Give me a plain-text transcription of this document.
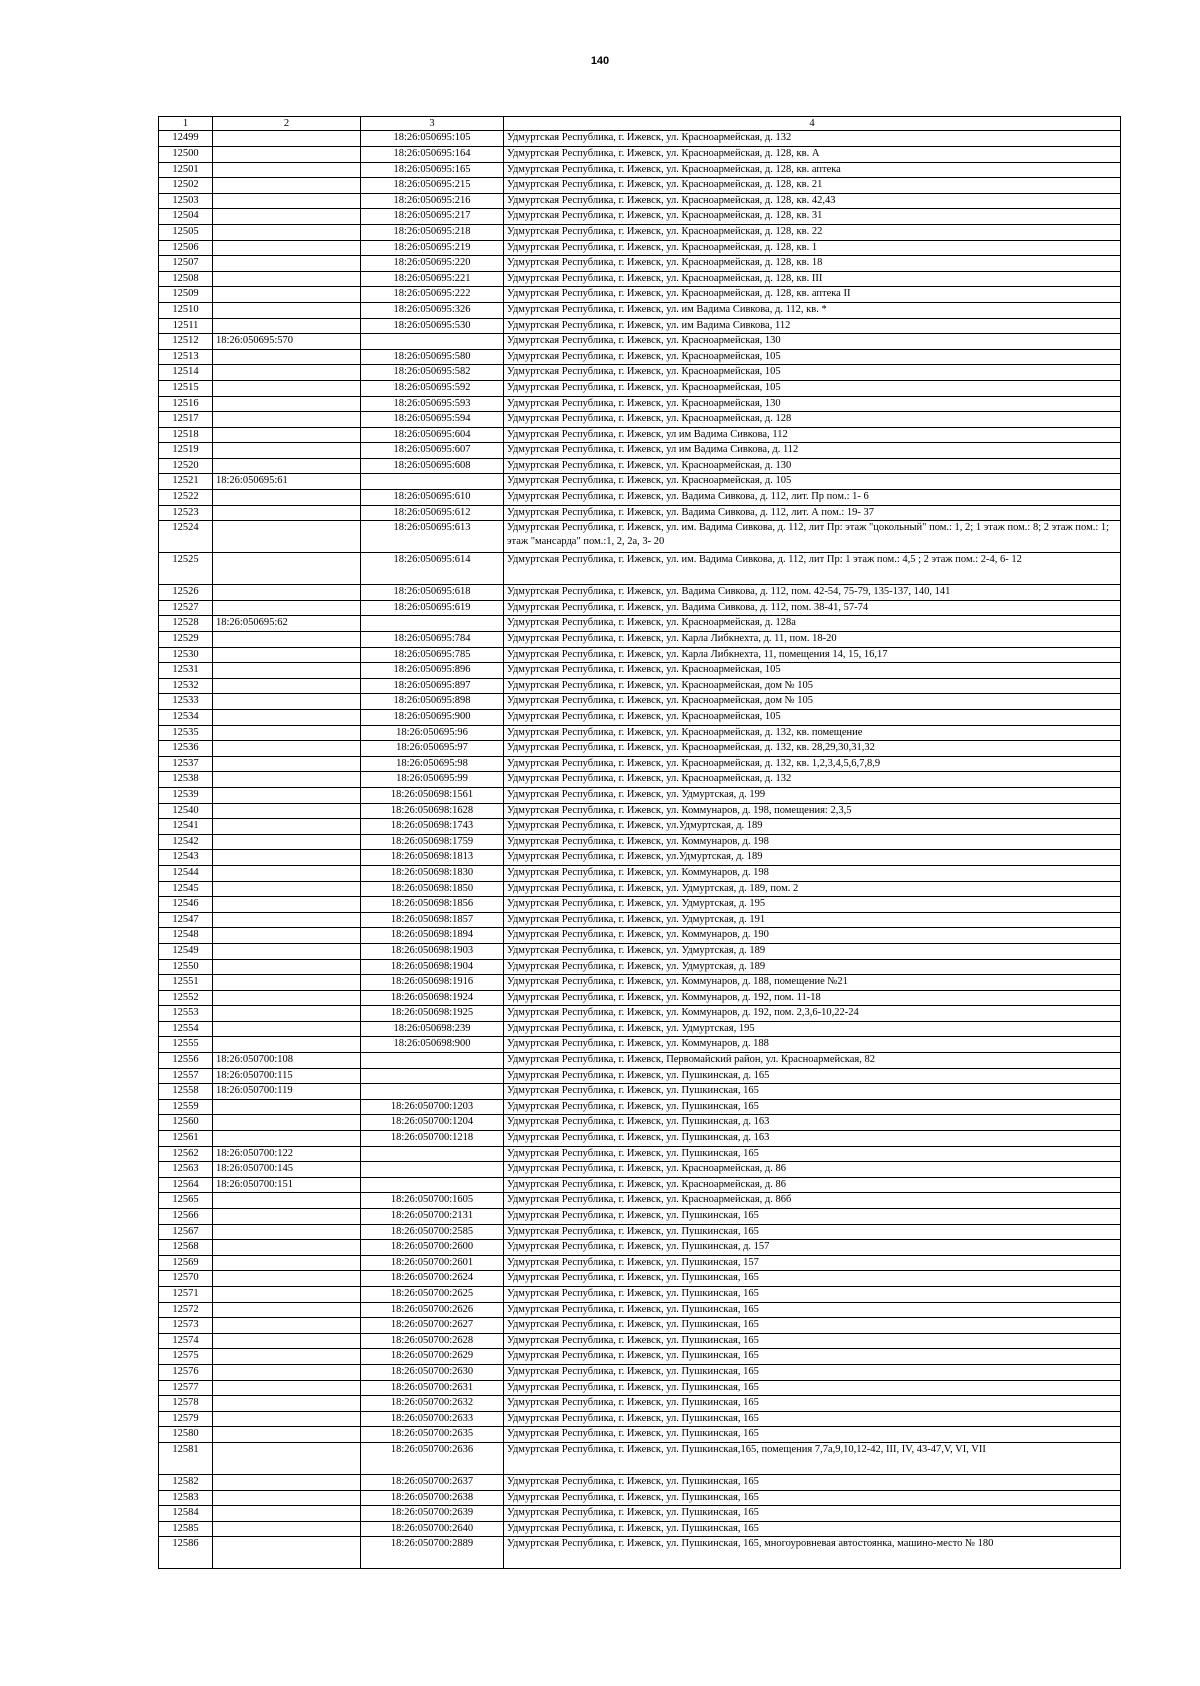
140
1	2	3	4
12499		18:26:050695:105	Удмуртская Республика, г. Ижевск, ул. Красноармейская, д. 132
12500		18:26:050695:164	Удмуртская Республика, г. Ижевск, ул. Красноармейская, д. 128, кв. А
12501		18:26:050695:165	Удмуртская Республика, г. Ижевск, ул. Красноармейская, д. 128, кв. аптека
12502		18:26:050695:215	Удмуртская Республика, г. Ижевск, ул. Красноармейская, д. 128, кв. 21
12503		18:26:050695:216	Удмуртская Республика, г. Ижевск, ул. Красноармейская, д. 128, кв. 42,43
12504		18:26:050695:217	Удмуртская Республика, г. Ижевск, ул. Красноармейская, д. 128, кв. 31
12505		18:26:050695:218	Удмуртская Республика, г. Ижевск, ул. Красноармейская, д. 128, кв. 22
12506		18:26:050695:219	Удмуртская Республика, г. Ижевск, ул. Красноармейская, д. 128, кв. 1
12507		18:26:050695:220	Удмуртская Республика, г. Ижевск, ул. Красноармейская, д. 128, кв. 18
12508		18:26:050695:221	Удмуртская Республика, г. Ижевск, ул. Красноармейская, д. 128, кв. III
12509		18:26:050695:222	Удмуртская Республика, г. Ижевск, ул. Красноармейская, д. 128, кв. аптека II
12510		18:26:050695:326	Удмуртская Республика, г. Ижевск, ул. им Вадима Сивкова, д. 112, кв. *
12511		18:26:050695:530	Удмуртская Республика, г. Ижевск, ул. им Вадима Сивкова, 112
12512	18:26:050695:570		Удмуртская Республика, г. Ижевск, ул. Красноармейская, 130
12513		18:26:050695:580	Удмуртская Республика, г. Ижевск, ул. Красноармейская, 105
12514		18:26:050695:582	Удмуртская Республика, г. Ижевск, ул. Красноармейская, 105
12515		18:26:050695:592	Удмуртская Республика, г. Ижевск, ул. Красноармейская, 105
12516		18:26:050695:593	Удмуртская Республика, г. Ижевск, ул. Красноармейская, 130
12517		18:26:050695:594	Удмуртская Республика, г. Ижевск, ул. Красноармейская, д. 128
12518		18:26:050695:604	Удмуртская Республика, г. Ижевск, ул им Вадима Сивкова, 112
12519		18:26:050695:607	Удмуртская Республика, г. Ижевск, ул им Вадима Сивкова, д. 112
12520		18:26:050695:608	Удмуртская Республика, г. Ижевск, ул. Красноармейская, д. 130
12521	18:26:050695:61		Удмуртская Республика, г. Ижевск, ул. Красноармейская, д. 105
12522		18:26:050695:610	Удмуртская Республика, г. Ижевск, ул. Вадима Сивкова, д. 112, лит. Пр пом.: 1- 6
12523		18:26:050695:612	Удмуртская Республика, г. Ижевск, ул. Вадима Сивкова, д. 112, лит. А пом.: 19- 37
12524		18:26:050695:613	Удмуртская Республика, г. Ижевск, ул. им. Вадима Сивкова, д. 112, лит Пр: этаж "цокольный" пом.: 1, 2; 1 этаж пом.: 8; 2 этаж пом.: 1; этаж "мансарда" пом.:1, 2, 2а, 3- 20
12525		18:26:050695:614	Удмуртская Республика, г. Ижевск, ул. им. Вадима Сивкова, д. 112, лит Пр: 1 этаж пом.: 4,5 ; 2 этаж пом.: 2-4, 6- 12
12526		18:26:050695:618	Удмуртская Республика, г. Ижевск, ул. Вадима Сивкова, д. 112, пом. 42-54, 75-79, 135-137, 140, 141
12527		18:26:050695:619	Удмуртская Республика, г. Ижевск, ул. Вадима Сивкова, д. 112, пом. 38-41, 57-74
12528	18:26:050695:62		Удмуртская Республика, г. Ижевск, ул. Красноармейская, д. 128а
12529		18:26:050695:784	Удмуртская Республика, г. Ижевск, ул. Карла Либкнехта, д. 11, пом. 18-20
12530		18:26:050695:785	Удмуртская Республика, г. Ижевск, ул. Карла Либкнехта, 11, помещения 14, 15, 16,17
12531		18:26:050695:896	Удмуртская Республика, г. Ижевск, ул. Красноармейская, 105
12532		18:26:050695:897	Удмуртская Республика, г. Ижевск, ул. Красноармейская, дом № 105
12533		18:26:050695:898	Удмуртская Республика, г. Ижевск, ул. Красноармейская, дом № 105
12534		18:26:050695:900	Удмуртская Республика, г. Ижевск, ул. Красноармейская, 105
12535		18:26:050695:96	Удмуртская Республика, г. Ижевск, ул. Красноармейская, д. 132, кв. помещение
12536		18:26:050695:97	Удмуртская Республика, г. Ижевск, ул. Красноармейская, д. 132, кв. 28,29,30,31,32
12537		18:26:050695:98	Удмуртская Республика, г. Ижевск, ул. Красноармейская, д. 132, кв. 1,2,3,4,5,6,7,8,9
12538		18:26:050695:99	Удмуртская Республика, г. Ижевск, ул. Красноармейская, д. 132
12539		18:26:050698:1561	Удмуртская Республика, г. Ижевск, ул. Удмуртская, д. 199
12540		18:26:050698:1628	Удмуртская Республика, г. Ижевск, ул. Коммунаров, д. 198, помещения: 2,3,5
12541		18:26:050698:1743	Удмуртская Республика, г. Ижевск, ул.Удмуртская, д. 189
12542		18:26:050698:1759	Удмуртская Республика, г. Ижевск, ул. Коммунаров, д. 198
12543		18:26:050698:1813	Удмуртская Республика, г. Ижевск, ул.Удмуртская, д. 189
12544		18:26:050698:1830	Удмуртская Республика, г. Ижевск, ул. Коммунаров, д. 198
12545		18:26:050698:1850	Удмуртская Республика, г. Ижевск, ул. Удмуртская, д. 189, пом. 2
12546		18:26:050698:1856	Удмуртская Республика, г. Ижевск, ул. Удмуртская, д. 195
12547		18:26:050698:1857	Удмуртская Республика, г. Ижевск, ул. Удмуртская, д. 191
12548		18:26:050698:1894	Удмуртская Республика, г. Ижевск, ул. Коммунаров, д. 190
12549		18:26:050698:1903	Удмуртская Республика, г. Ижевск, ул. Удмуртская, д. 189
12550		18:26:050698:1904	Удмуртская Республика, г. Ижевск, ул. Удмуртская, д. 189
12551		18:26:050698:1916	Удмуртская Республика, г. Ижевск, ул. Коммунаров, д. 188, помещение №21
12552		18:26:050698:1924	Удмуртская Республика, г. Ижевск, ул. Коммунаров, д. 192, пом. 11-18
12553		18:26:050698:1925	Удмуртская Республика, г. Ижевск, ул. Коммунаров, д. 192, пом. 2,3,6-10,22-24
12554		18:26:050698:239	Удмуртская Республика, г. Ижевск, ул. Удмуртская, 195
12555		18:26:050698:900	Удмуртская Республика, г. Ижевск, ул. Коммунаров, д. 188
12556	18:26:050700:108		Удмуртская Республика, г. Ижевск, Первомайский район, ул. Красноармейская, 82
12557	18:26:050700:115		Удмуртская Республика, г. Ижевск, ул. Пушкинская, д. 165
12558	18:26:050700:119		Удмуртская Республика, г. Ижевск, ул. Пушкинская, 165
12559		18:26:050700:1203	Удмуртская Республика, г. Ижевск, ул. Пушкинская, 165
12560		18:26:050700:1204	Удмуртская Республика, г. Ижевск, ул. Пушкинская, д. 163
12561		18:26:050700:1218	Удмуртская Республика, г. Ижевск, ул. Пушкинская, д. 163
12562	18:26:050700:122		Удмуртская Республика, г. Ижевск, ул. Пушкинская, 165
12563	18:26:050700:145		Удмуртская Республика, г. Ижевск, ул. Красноармейская, д. 86
12564	18:26:050700:151		Удмуртская Республика, г. Ижевск, ул. Красноармейская, д. 86
12565		18:26:050700:1605	Удмуртская Республика, г. Ижевск, ул. Красноармейская, д. 86б
12566		18:26:050700:2131	Удмуртская Республика, г. Ижевск, ул. Пушкинская, 165
12567		18:26:050700:2585	Удмуртская Республика, г. Ижевск, ул. Пушкинская, 165
12568		18:26:050700:2600	Удмуртская Республика, г. Ижевск, ул. Пушкинская, д. 157
12569		18:26:050700:2601	Удмуртская Республика, г. Ижевск, ул. Пушкинская, 157
12570		18:26:050700:2624	Удмуртская Республика, г. Ижевск, ул. Пушкинская, 165
12571		18:26:050700:2625	Удмуртская Республика, г. Ижевск, ул. Пушкинская, 165
12572		18:26:050700:2626	Удмуртская Республика, г. Ижевск, ул. Пушкинская, 165
12573		18:26:050700:2627	Удмуртская Республика, г. Ижевск, ул. Пушкинская, 165
12574		18:26:050700:2628	Удмуртская Республика, г. Ижевск, ул. Пушкинская, 165
12575		18:26:050700:2629	Удмуртская Республика, г. Ижевск, ул. Пушкинская, 165
12576		18:26:050700:2630	Удмуртская Республика, г. Ижевск, ул. Пушкинская, 165
12577		18:26:050700:2631	Удмуртская Республика, г. Ижевск, ул. Пушкинская, 165
12578		18:26:050700:2632	Удмуртская Республика, г. Ижевск, ул. Пушкинская, 165
12579		18:26:050700:2633	Удмуртская Республика, г. Ижевск, ул. Пушкинская, 165
12580		18:26:050700:2635	Удмуртская Республика, г. Ижевск, ул. Пушкинская, 165
12581		18:26:050700:2636	Удмуртская Республика, г. Ижевск, ул. Пушкинская,165, помещения 7,7а,9,10,12-42, III, IV, 43-47,V, VI, VII
12582		18:26:050700:2637	Удмуртская Республика, г. Ижевск, ул. Пушкинская, 165
12583		18:26:050700:2638	Удмуртская Республика, г. Ижевск, ул. Пушкинская, 165
12584		18:26:050700:2639	Удмуртская Республика, г. Ижевск, ул. Пушкинская, 165
12585		18:26:050700:2640	Удмуртская Республика, г. Ижевск, ул. Пушкинская, 165
12586		18:26:050700:2889	Удмуртская Республика, г. Ижевск, ул. Пушкинская, 165, многоуровневая автостоянка, машино-место № 180
